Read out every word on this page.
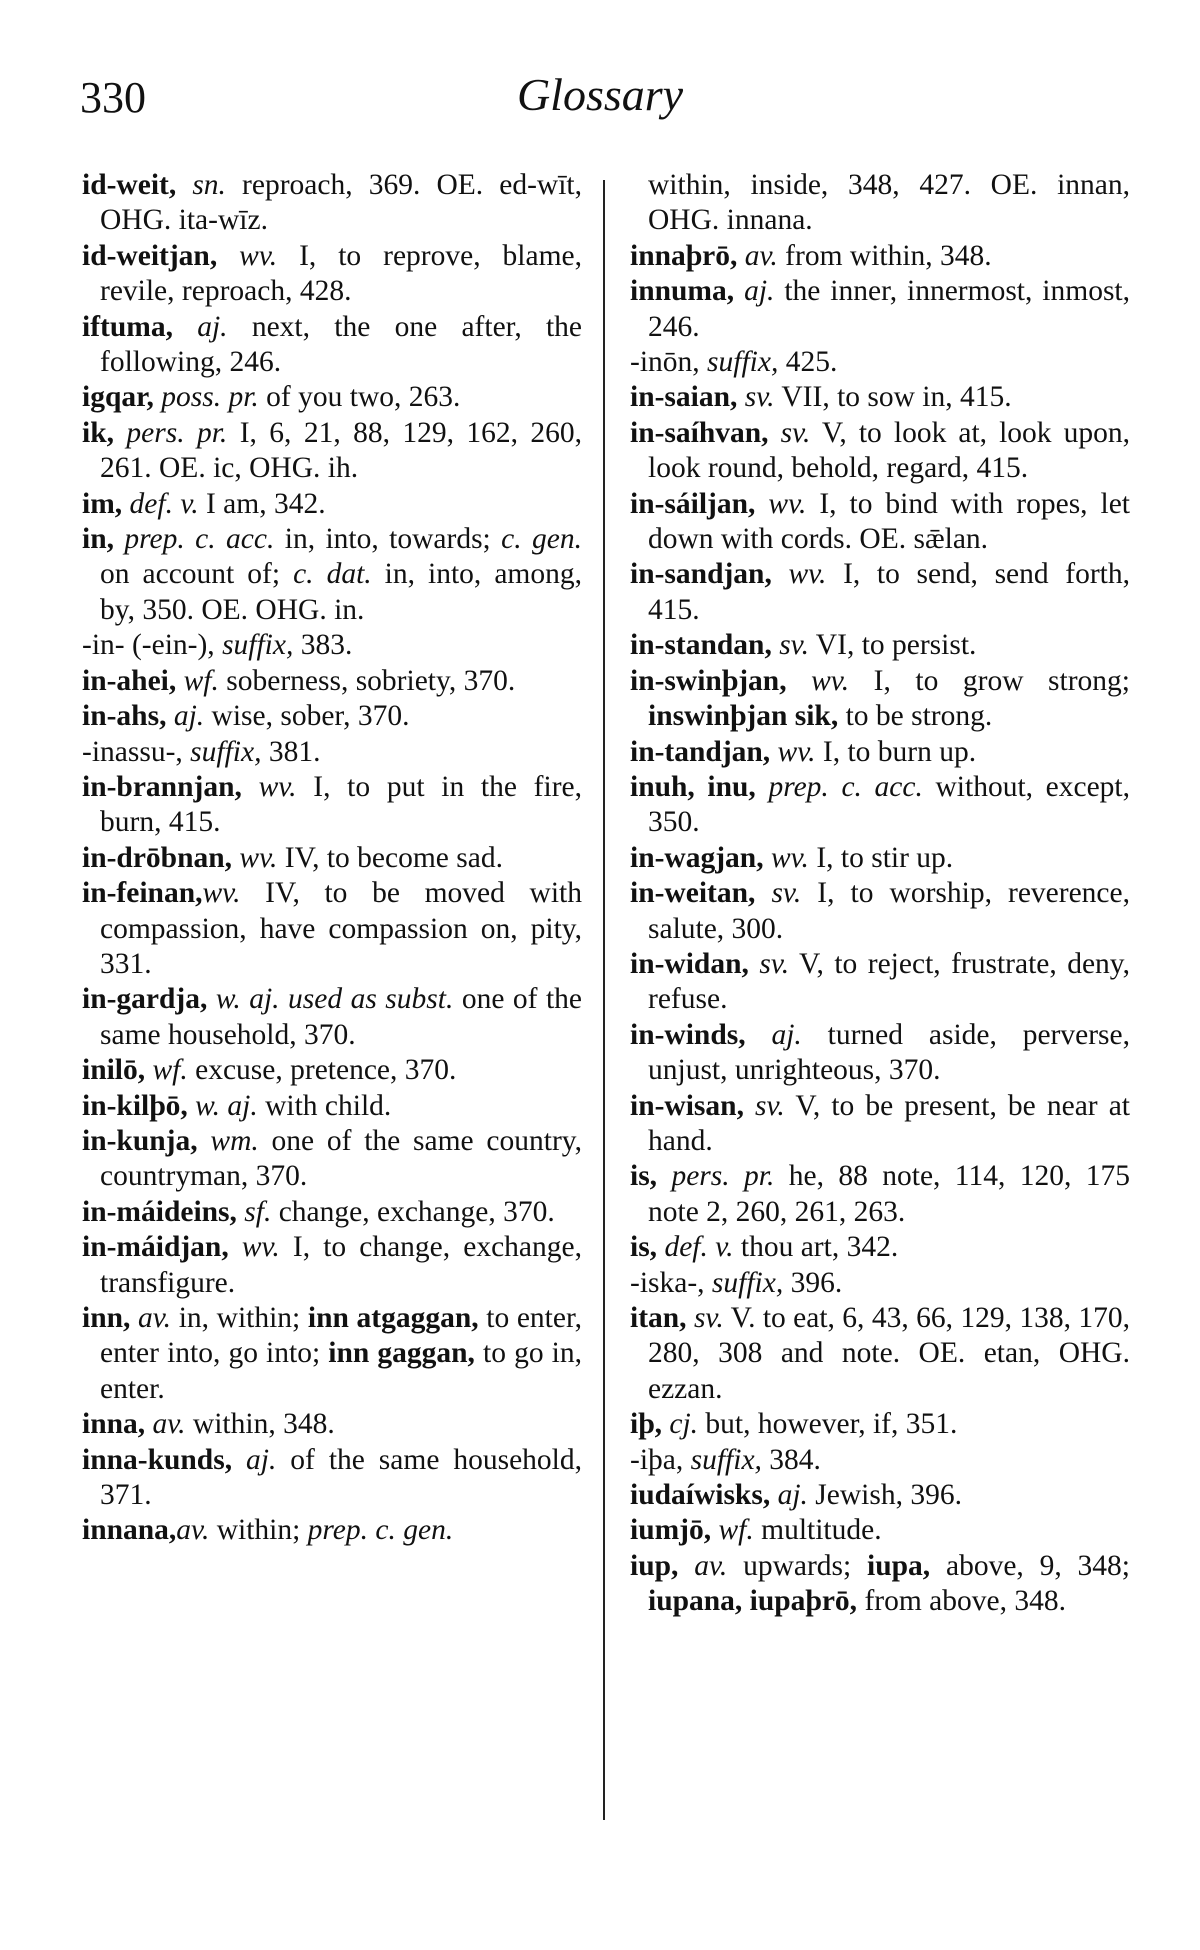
330	Glossary

id-weit, sn. reproach, 369. OE. ed-wīt, OHG. ita-wīz.

id-weitjan, wv. I, to reprove, blame, revile, reproach, 428.

iftuma, aj. next, the one after, the following, 246.

igqar, poss. pr. of you two, 263.

ik, pers. pr. I, 6, 21, 88, 129, 162, 260, 261. OE. ic, OHG. ih.

im, def. v. I am, 342.

in, prep. c. acc. in, into, towards; c. gen. on account of; c. dat. in, into, among, by, 350. OE. OHG. in.

-in- (-ein-), suffix, 383.

in-ahei, wf. soberness, sobriety, 370.

in-ahs, aj. wise, sober, 370.

-inassu-, suffix, 381.

in-brannjan, wv. I, to put in the fire, burn, 415.

in-drōbnan, wv. IV, to become sad.

in-feinan,wv. IV, to be moved with compassion, have compassion on, pity, 331.

in-gardja, w. aj. used as subst. one of the same household, 370.

inilō, wf. excuse, pretence, 370.

in-kilþō, w. aj. with child.

in-kunja, wm. one of the same country, countryman, 370.

in-máideins, sf. change, exchange, 370.

in-máidjan, wv. I, to change, exchange, transfigure.

inn, av. in, within; inn atgaggan, to enter, enter into, go into; inn gaggan, to go in, enter.

inna, av. within, 348.

inna-kunds, aj. of the same household, 371.

innana,av. within; prep. c. gen.

within, inside, 348, 427. OE. innan, OHG. innana.

innaþrō, av. from within, 348.

innuma, aj. the inner, innermost, inmost, 246.

-inōn, suffix, 425.

in-saian, sv. VII, to sow in, 415.

in-saíhvan, sv. V, to look at, look upon, look round, behold, regard, 415.

in-sáiljan, wv. I, to bind with ropes, let down with cords. OE. sǣlan.

in-sandjan, wv. I, to send, send forth, 415.

in-standan, sv. VI, to persist.

in-swinþjan, wv. I, to grow strong; inswinþjan sik, to be strong.

in-tandjan, wv. I, to burn up.

inuh, inu, prep. c. acc. without, except, 350.

in-wagjan, wv. I, to stir up.

in-weitan, sv. I, to worship, reverence, salute, 300.

in-widan, sv. V, to reject, frustrate, deny, refuse.

in-winds, aj. turned aside, perverse, unjust, unrighteous, 370.

in-wisan, sv. V, to be present, be near at hand.

is, pers. pr. he, 88 note, 114, 120, 175 note 2, 260, 261, 263.

is, def. v. thou art, 342.

-iska-, suffix, 396.

itan, sv. V. to eat, 6, 43, 66, 129, 138, 170, 280, 308 and note. OE. etan, OHG. ezzan.

iþ, cj. but, however, if, 351.

-iþa, suffix, 384.

iudaíwisks, aj. Jewish, 396.

iumjō, wf. multitude.

iup, av. upwards; iupa, above, 9, 348; iupana, iupaþrō, from above, 348.
